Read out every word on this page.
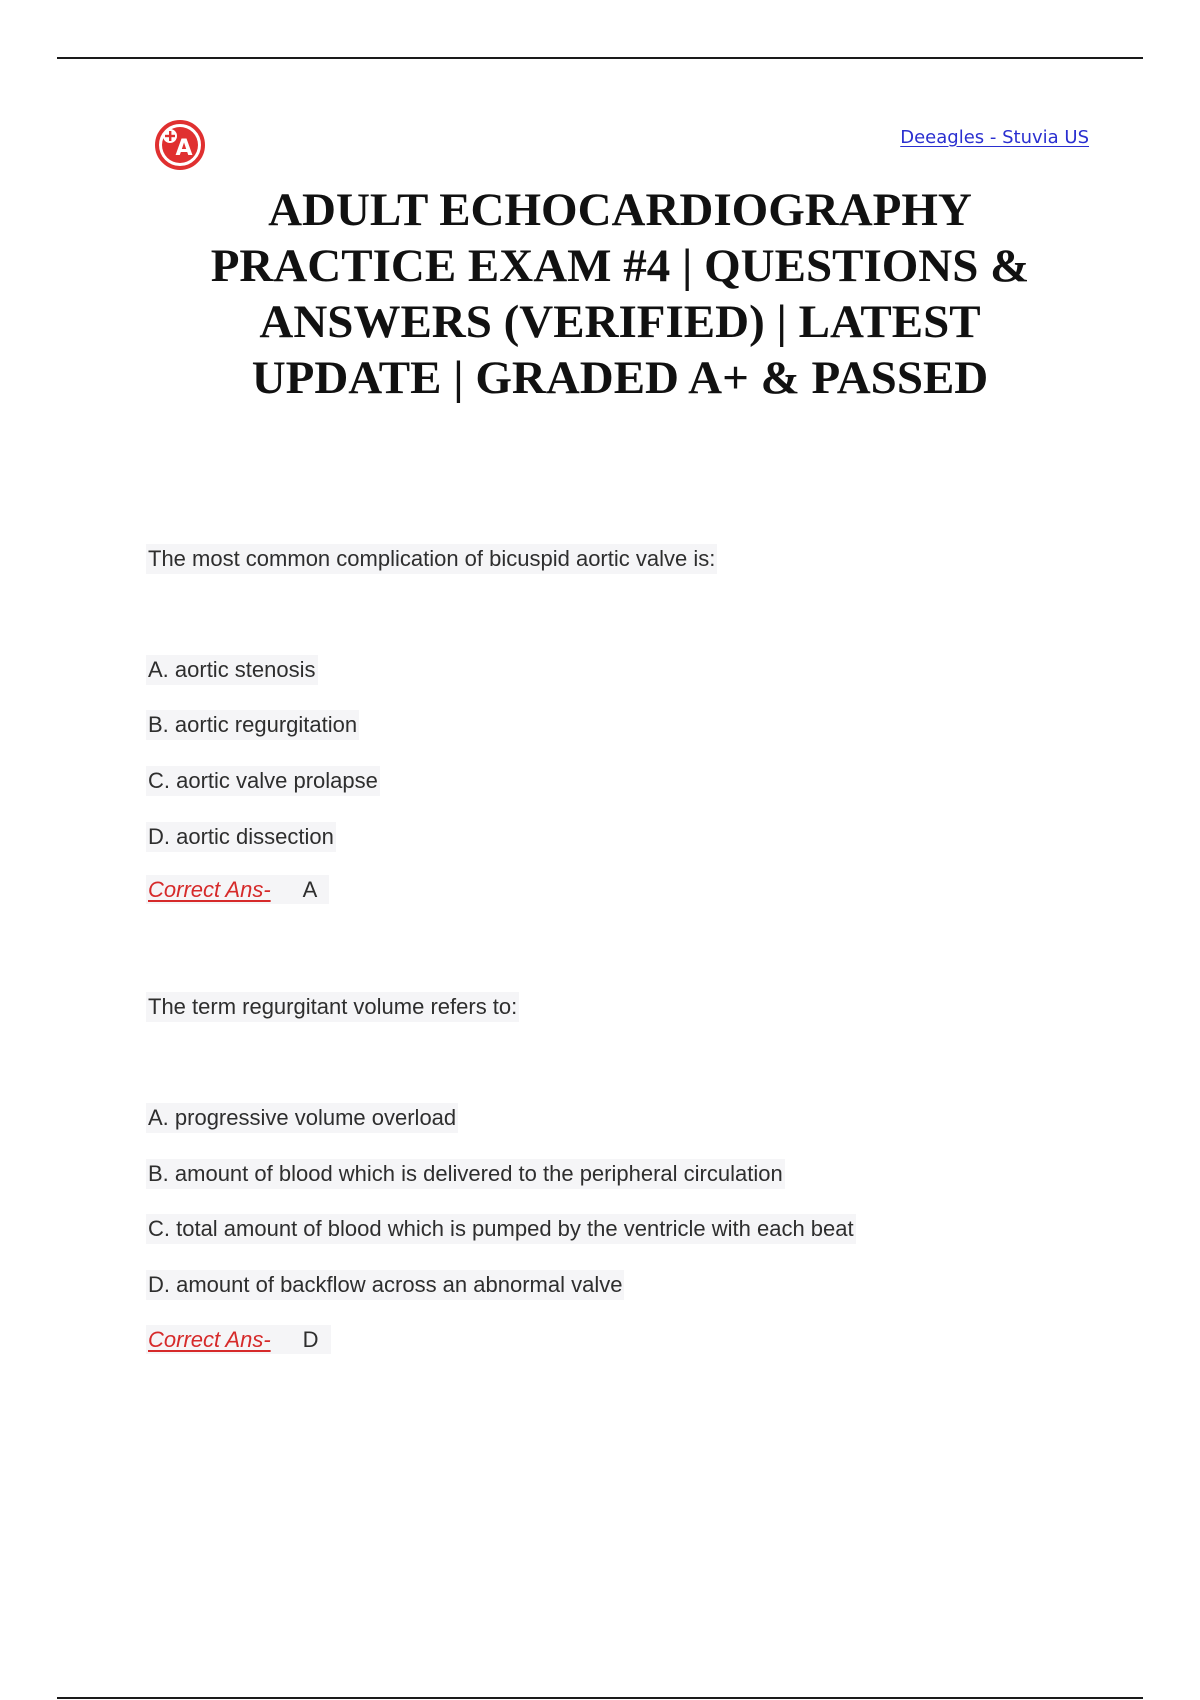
A	Deeagles - Stuvia US
ADULT ECHOCARDIOGRAPHY
PRACTICE EXAM #4 | QUESTIONS &
ANSWERS (VERIFIED) | LATEST
UPDATE | GRADED A+ & PASSED

The most common complication of bicuspid aortic valve is:

A. aortic stenosis

B. aortic regurgitation

C. aortic valve prolapse

D. aortic dissection

Correct Ans- A

The term regurgitant volume refers to:

A. progressive volume overload

B. amount of blood which is delivered to the peripheral circulation

C. total amount of blood which is pumped by the ventricle with each beat

D. amount of backflow across an abnormal valve

Correct Ans- D
